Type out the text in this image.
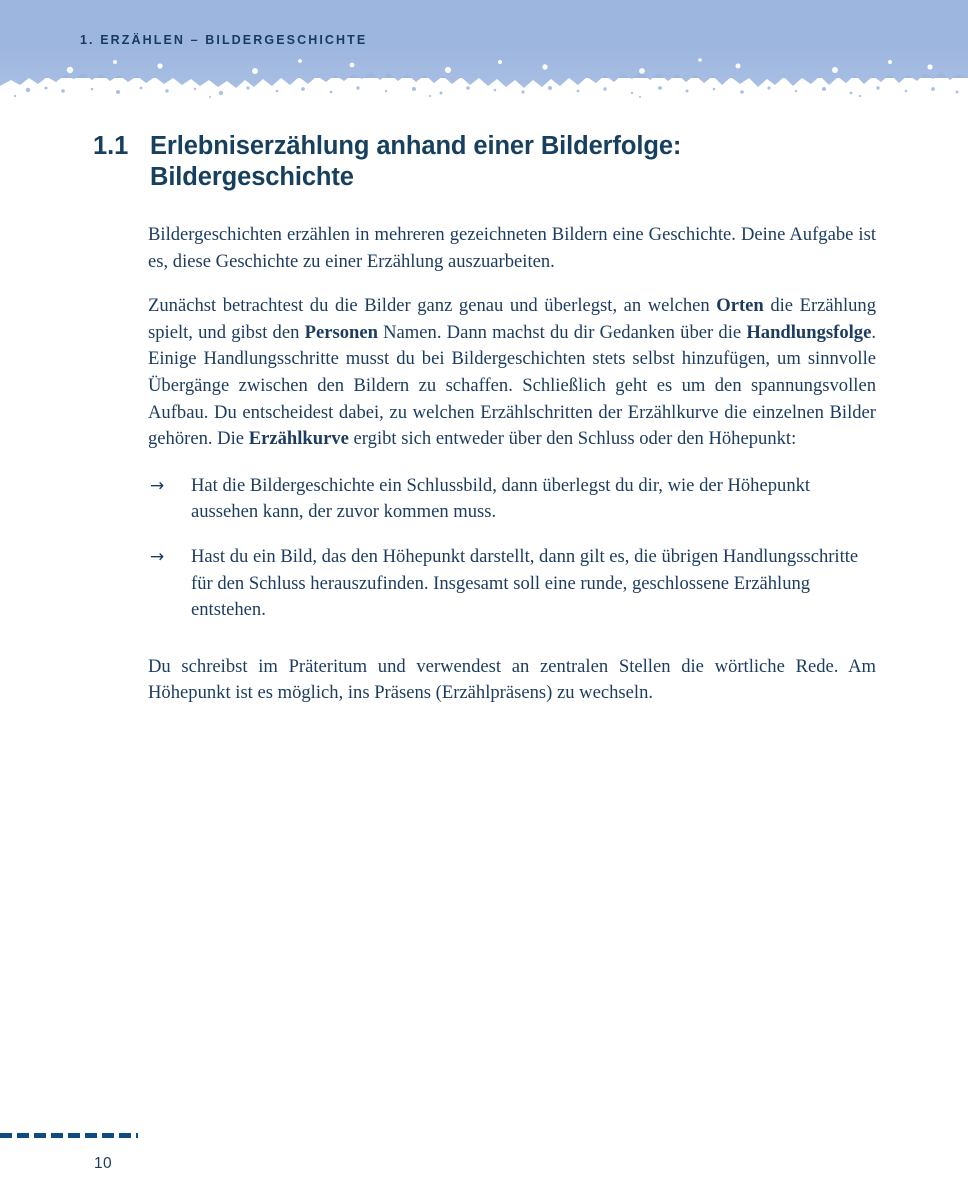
1. ERZÄHLEN – BILDERGESCHICHTE
1.1 Erlebniserzählung anhand einer Bilderfolge: Bildergeschichte

Bildergeschichten erzählen in mehreren gezeichneten Bildern eine Geschichte. Deine Aufgabe ist es, diese Geschichte zu einer Erzählung auszuarbeiten.

Zunächst betrachtest du die Bilder ganz genau und überlegst, an welchen Orten die Erzählung spielt, und gibst den Personen Namen. Dann machst du dir Gedanken über die Handlungsfolge. Einige Handlungsschritte musst du bei Bildergeschichten stets selbst hinzufügen, um sinnvolle Übergänge zwischen den Bildern zu schaffen. Schließlich geht es um den spannungsvollen Aufbau. Du entscheidest dabei, zu welchen Erzählschritten der Erzählkurve die einzelnen Bilder gehören. Die Erzählkurve ergibt sich entweder über den Schluss oder den Höhepunkt:

→ Hat die Bildergeschichte ein Schlussbild, dann überlegst du dir, wie der Höhepunkt aussehen kann, der zuvor kommen muss.
→ Hast du ein Bild, das den Höhepunkt darstellt, dann gilt es, die übrigen Handlungsschritte für den Schluss herauszufinden. Insgesamt soll eine runde, geschlossene Erzählung entstehen.

Du schreibst im Präteritum und verwendest an zentralen Stellen die wörtliche Rede. Am Höhepunkt ist es möglich, ins Präsens (Erzählpräsens) zu wechseln.

10
